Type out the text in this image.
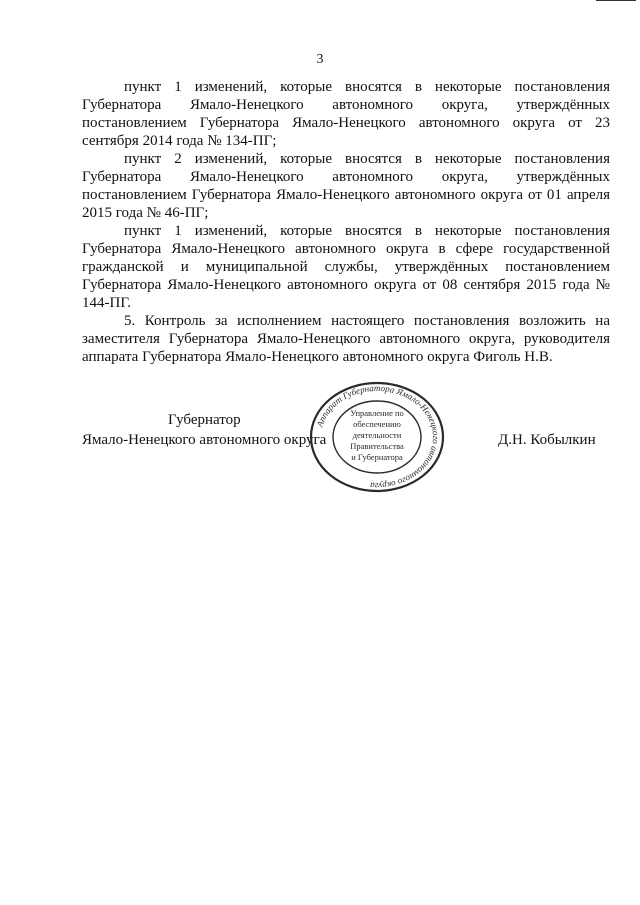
3

пункт 1 изменений, которые вносятся в некоторые постановления Губернатора Ямало-Ненецкого автономного округа, утверждённых постановлением Губернатора Ямало-Ненецкого автономного округа от 23 сентября 2014 года № 134-ПГ;

пункт 2 изменений, которые вносятся в некоторые постановления Губернатора Ямало-Ненецкого автономного округа, утверждённых постановлением Губернатора Ямало-Ненецкого автономного округа от 01 апреля 2015 года № 46-ПГ;

пункт 1 изменений, которые вносятся в некоторые постановления Губернатора Ямало-Ненецкого автономного округа в сфере государственной гражданской и муниципальной службы, утверждённых постановлением Губернатора Ямало-Ненецкого автономного округа от 08 сентября 2015 года № 144-ПГ.

5. Контроль за исполнением настоящего постановления возложить на заместителя Губернатора Ямало-Ненецкого автономного округа, руководителя аппарата Губернатора Ямало-Ненецкого автономного округа Фиголь Н.В.

Губернатор
Ямало-Ненецкого автономного округа
Аппарат Губернатора Ямало-Ненецкого автономного округа
Управление по
обеспечению
деятельности
Правительства
и Губернатора
Д.Н. Кобылкин
